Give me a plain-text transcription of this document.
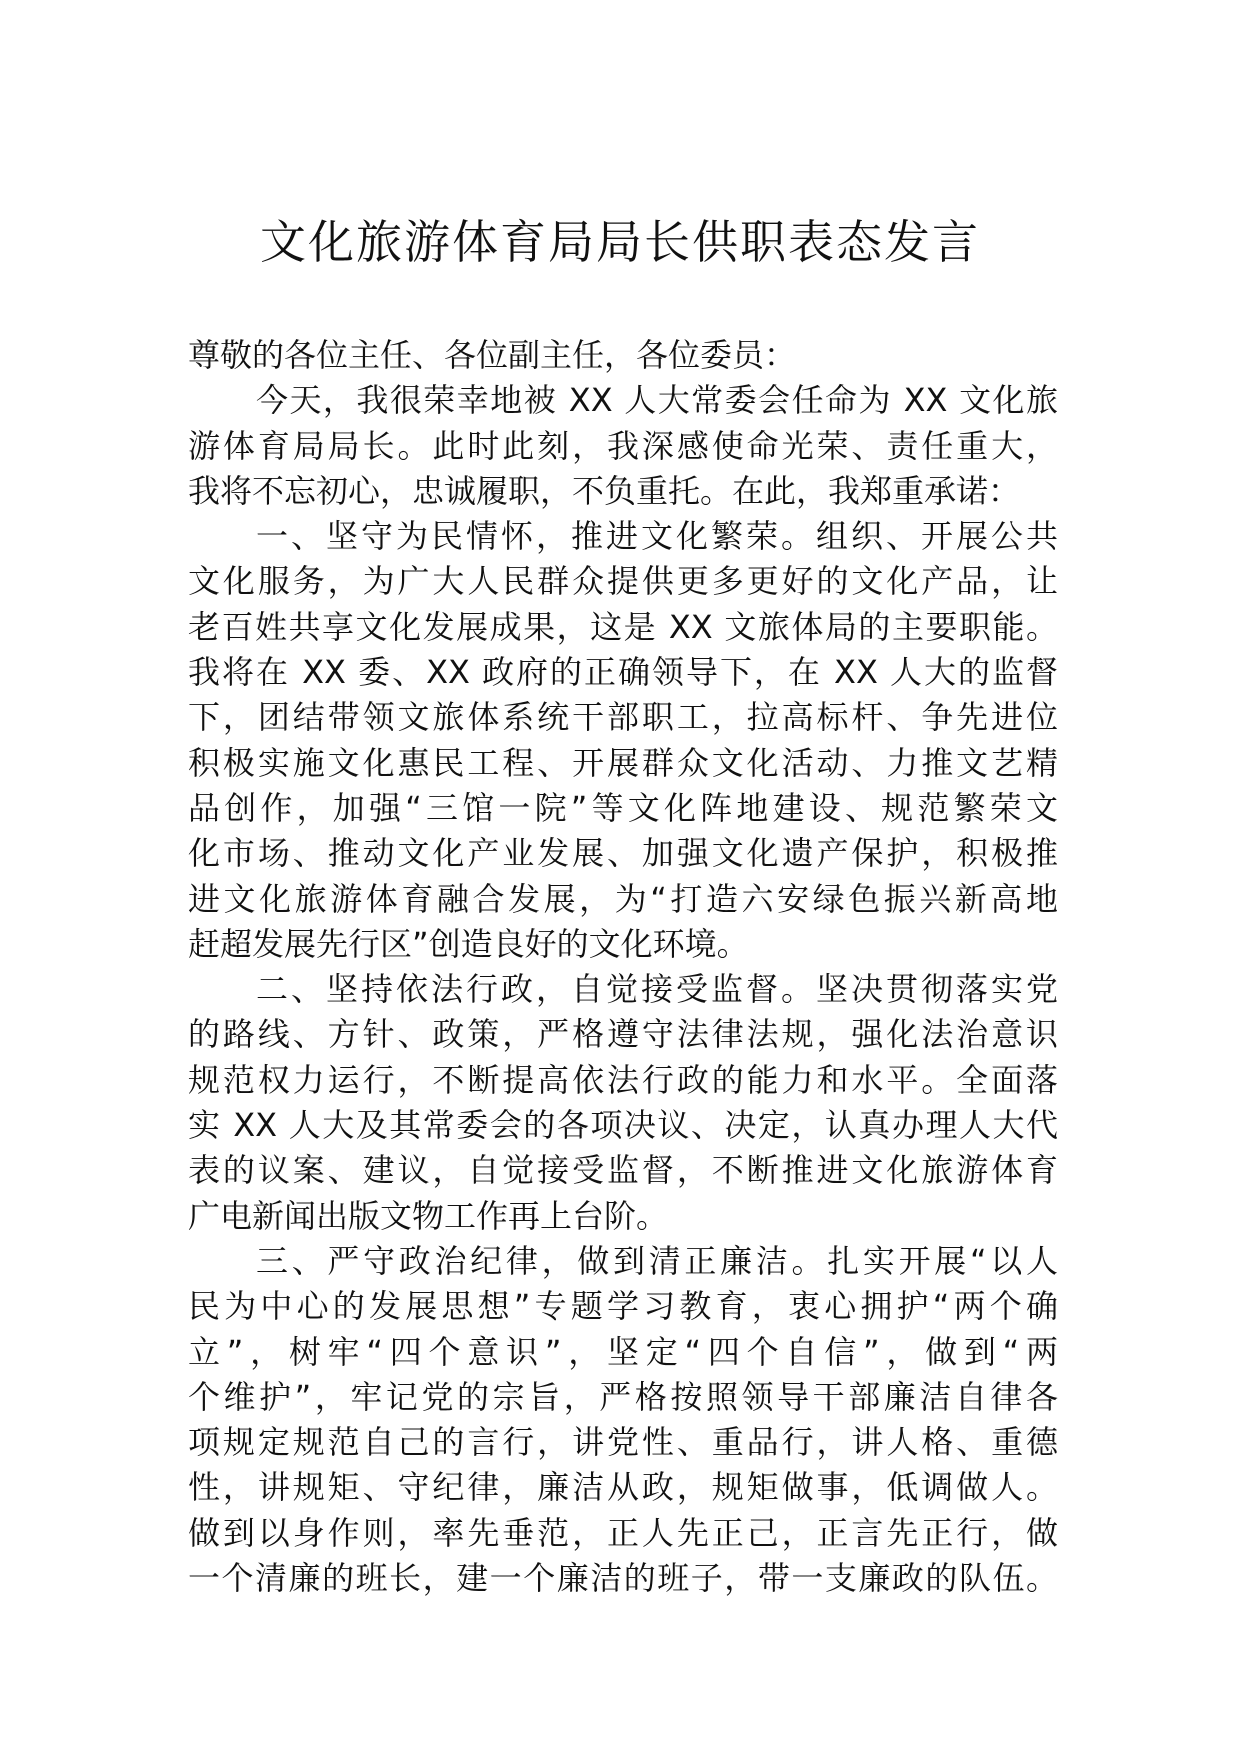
文化旅游体育局局长供职表态发言
尊敬的各位主任、各位副主任，各位委员：
今天，我很荣幸地被 XX 人大常委会任命为 XX 文化旅
游体育局局长。此时此刻，我深感使命光荣、责任重大，
我将不忘初心，忠诚履职，不负重托。在此，我郑重承诺：
一、坚守为民情怀，推进文化繁荣。组织、开展公共
文化服务，为广大人民群众提供更多更好的文化产品，让
老百姓共享文化发展成果，这是 XX 文旅体局的主要职能。
我将在 XX 委、XX 政府的正确领导下，在 XX 人大的监督
下，团结带领文旅体系统干部职工，拉高标杆、争先进位
积极实施文化惠民工程、开展群众文化活动、力推文艺精
品创作，加强“三馆一院”等文化阵地建设、规范繁荣文
化市场、推动文化产业发展、加强文化遗产保护，积极推
进文化旅游体育融合发展，为“打造六安绿色振兴新高地
赶超发展先行区”创造良好的文化环境。
二、坚持依法行政，自觉接受监督。坚决贯彻落实党
的路线、方针、政策，严格遵守法律法规，强化法治意识
规范权力运行，不断提高依法行政的能力和水平。全面落
实 XX 人大及其常委会的各项决议、决定，认真办理人大代
表的议案、建议，自觉接受监督，不断推进文化旅游体育
广电新闻出版文物工作再上台阶。
三、严守政治纪律，做到清正廉洁。扎实开展“以人
民为中心的发展思想”专题学习教育，衷心拥护“两个确
立”，树牢“四个意识”，坚定“四个自信”，做到“两
个维护”，牢记党的宗旨，严格按照领导干部廉洁自律各
项规定规范自己的言行，讲党性、重品行，讲人格、重德
性，讲规矩、守纪律，廉洁从政，规矩做事，低调做人。
做到以身作则，率先垂范，正人先正己，正言先正行，做
一个清廉的班长，建一个廉洁的班子，带一支廉政的队伍。
